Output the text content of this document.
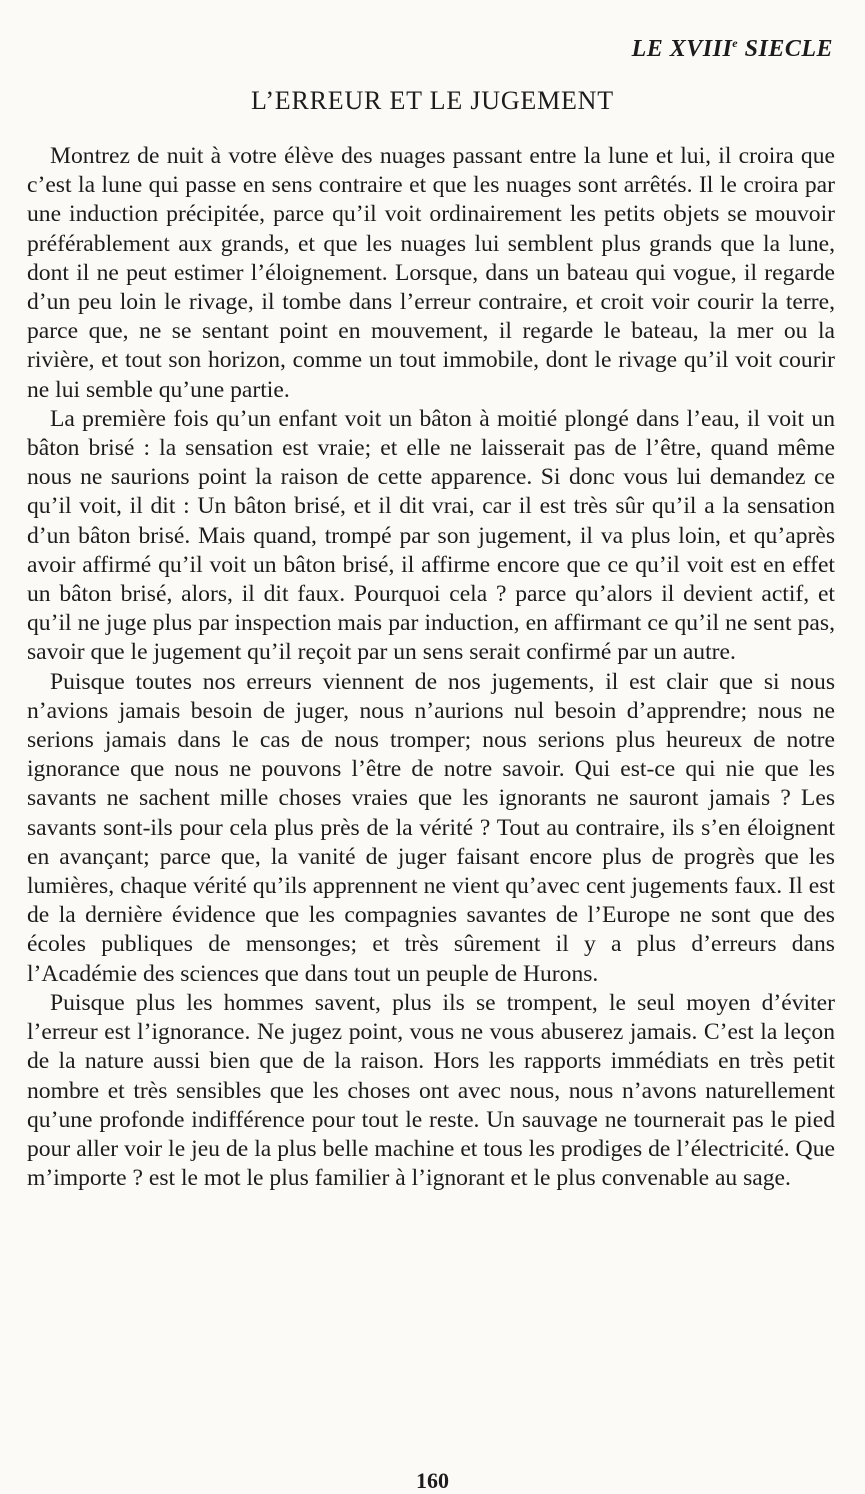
LE XVIIIe SIECLE
L’ERREUR ET LE JUGEMENT

Montrez de nuit à votre élève des nuages passant entre la lune et lui, il croira que c’est la lune qui passe en sens contraire et que les nuages sont arrêtés. Il le croira par une induction précipitée, parce qu’il voit ordinairement les petits objets se mouvoir préférablement aux grands, et que les nuages lui semblent plus grands que la lune, dont il ne peut estimer l’éloignement. Lorsque, dans un bateau qui vogue, il regarde d’un peu loin le rivage, il tombe dans l’erreur contraire, et croit voir courir la terre, parce que, ne se sentant point en mouvement, il regarde le bateau, la mer ou la rivière, et tout son horizon, comme un tout immobile, dont le rivage qu’il voit courir ne lui semble qu’une partie.

La première fois qu’un enfant voit un bâton à moitié plongé dans l’eau, il voit un bâton brisé : la sensation est vraie; et elle ne laisserait pas de l’être, quand même nous ne saurions point la raison de cette apparence. Si donc vous lui demandez ce qu’il voit, il dit : Un bâton brisé, et il dit vrai, car il est très sûr qu’il a la sensation d’un bâton brisé. Mais quand, trompé par son jugement, il va plus loin, et qu’après avoir affirmé qu’il voit un bâton brisé, il affirme encore que ce qu’il voit est en effet un bâton brisé, alors, il dit faux. Pourquoi cela ? parce qu’alors il devient actif, et qu’il ne juge plus par inspection mais par induction, en affirmant ce qu’il ne sent pas, savoir que le jugement qu’il reçoit par un sens serait confirmé par un autre.

Puisque toutes nos erreurs viennent de nos jugements, il est clair que si nous n’avions jamais besoin de juger, nous n’aurions nul besoin d’apprendre; nous ne serions jamais dans le cas de nous tromper; nous serions plus heureux de notre ignorance que nous ne pouvons l’être de notre savoir. Qui est-ce qui nie que les savants ne sachent mille choses vraies que les ignorants ne sauront jamais ? Les savants sont-ils pour cela plus près de la vérité ? Tout au contraire, ils s’en éloignent en avançant; parce que, la vanité de juger faisant encore plus de progrès que les lumières, chaque vérité qu’ils apprennent ne vient qu’avec cent jugements faux. Il est de la dernière évidence que les compagnies savantes de l’Europe ne sont que des écoles publiques de mensonges; et très sûrement il y a plus d’erreurs dans l’Académie des sciences que dans tout un peuple de Hurons.

Puisque plus les hommes savent, plus ils se trompent, le seul moyen d’éviter l’erreur est l’ignorance. Ne jugez point, vous ne vous abuserez jamais. C’est la leçon de la nature aussi bien que de la raison. Hors les rapports immédiats en très petit nombre et très sensibles que les choses ont avec nous, nous n’avons naturellement qu’une profonde indifférence pour tout le reste. Un sauvage ne tournerait pas le pied pour aller voir le jeu de la plus belle machine et tous les prodiges de l’électricité. Que m’importe ? est le mot le plus familier à l’ignorant et le plus convenable au sage.

160
